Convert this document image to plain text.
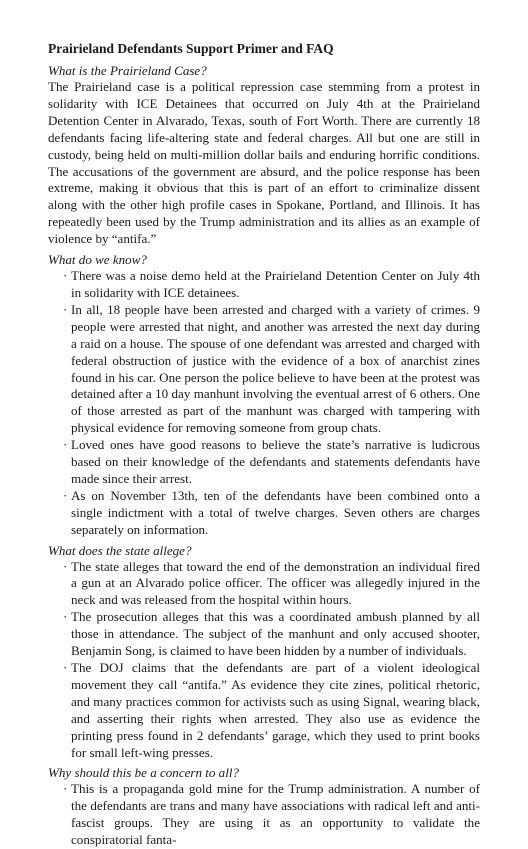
Prairieland Defendants Support Primer and FAQ

What is the Prairieland Case?

The Prairieland case is a political repression case stemming from a protest in solidarity with ICE Detainees that occurred on July 4th at the Prairieland Detention Center in Alvarado, Texas, south of Fort Worth. There are currently 18 defendants facing life-altering state and federal charges. All but one are still in custody, being held on multi-million dollar bails and enduring horrific conditions. The accusations of the government are absurd, and the police response has been extreme, making it obvious that this is part of an effort to criminalize dissent along with the other high profile cases in Spokane, Portland, and Illinois. It has repeatedly been used by the Trump administration and its allies as an example of violence by “antifa.”

What do we know?

· There was a noise demo held at the Prairieland Detention Center on July 4th in solidarity with ICE detainees.
· In all, 18 people have been arrested and charged with a variety of crimes. 9 people were arrested that night, and another was arrested the next day during a raid on a house. The spouse of one defendant was arrested and charged with federal obstruction of justice with the evidence of a box of anarchist zines found in his car. One person the police believe to have been at the protest was detained after a 10 day manhunt involving the eventual arrest of 6 others. One of those arrested as part of the manhunt was charged with tampering with physical evidence for removing someone from group chats.
· Loved ones have good reasons to believe the state’s narrative is ludicrous based on their knowledge of the defendants and statements defendants have made since their arrest.
· As on November 13th, ten of the defendants have been combined onto a single indictment with a total of twelve charges. Seven others are charges separately on information.

What does the state allege?

· The state alleges that toward the end of the demonstration an individual fired a gun at an Alvarado police officer. The officer was allegedly injured in the neck and was released from the hospital within hours.
· The prosecution alleges that this was a coordinated ambush planned by all those in attendance. The subject of the manhunt and only accused shooter, Benjamin Song, is claimed to have been hidden by a number of individuals.
· The DOJ claims that the defendants are part of a violent ideological movement they call “antifa.” As evidence they cite zines, political rhetoric, and many practices common for activists such as using Signal, wearing black, and asserting their rights when arrested. They also use as evidence the printing press found in 2 defendants’ garage, which they used to print books for small left-wing presses.

Why should this be a concern to all?

· This is a propaganda gold mine for the Trump administration. A number of the defendants are trans and many have associations with radical left and anti-fascist groups. They are using it as an opportunity to validate the conspiratorial fanta-
